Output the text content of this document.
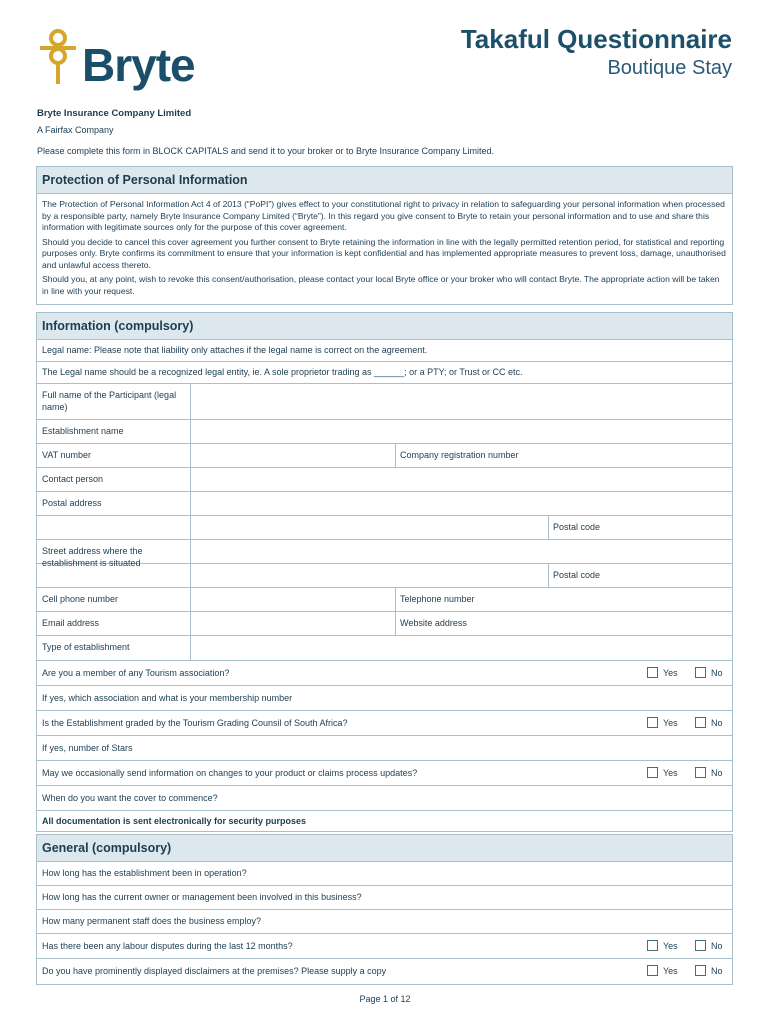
Bryte	Takaful Questionnaire
Boutique Stay
Bryte Insurance Company Limited
A Fairfax Company
Please complete this form in BLOCK CAPITALS and send it to your broker or to Bryte Insurance Company Limited.
Protection of Personal Information

The Protection of Personal Information Act 4 of 2013 (“PoPI”) gives effect to your constitutional right to privacy in relation to safeguarding your personal information when processed by a responsible party, namely Bryte Insurance Company Limited (“Bryte”). In this regard you give consent to Bryte to retain your personal information and to use and share this information with legitimate sources only for the purpose of this cover agreement.

Should you decide to cancel this cover agreement you further consent to Bryte retaining the information in line with the legally permitted retention period, for statistical and reporting purposes only. Bryte confirms its commitment to ensure that your information is kept confidential and has implemented appropriate measures to prevent loss, damage, unauthorised and unlawful access thereto.

Should you, at any point, wish to revoke this consent/authorisation, please contact your local Bryte office or your broker who will contact Bryte. The appropriate action will be taken in line with your request.

Information (compulsory)
Legal name: Please note that liability only attaches if the legal name is correct on the agreement.
The Legal name should be a recognized legal entity, ie. A sole proprietor trading as ______; or a PTY; or Trust or CC etc.
Full name of the Participant (legal name)
Establishment name
VAT number	Company registration number
Contact person
Postal address
Postal code
Street address where the establishment is situated
Postal code
Cell phone number	Telephone number
Email address	Website address
Type of establishment
Are you a member of any Tourism association?	Yes	No
If yes, which association and what is your membership number
Is the Establishment graded by the Tourism Grading Counsil of South Africa?	Yes	No
If yes, number of Stars
May we occasionally send information on changes to your product or claims process updates?	Yes	No
When do you want the cover to commence?
All documentation is sent electronically for security purposes
General (compulsory)
How long has the establishment been in operation?
How long has the current owner or management been involved in this business?
How many permanent staff does the business employ?
Has there been any labour disputes during the last 12 months?	Yes	No
Do you have prominently displayed disclaimers at the premises? Please supply a copy	Yes	No
Page 1 of 12
